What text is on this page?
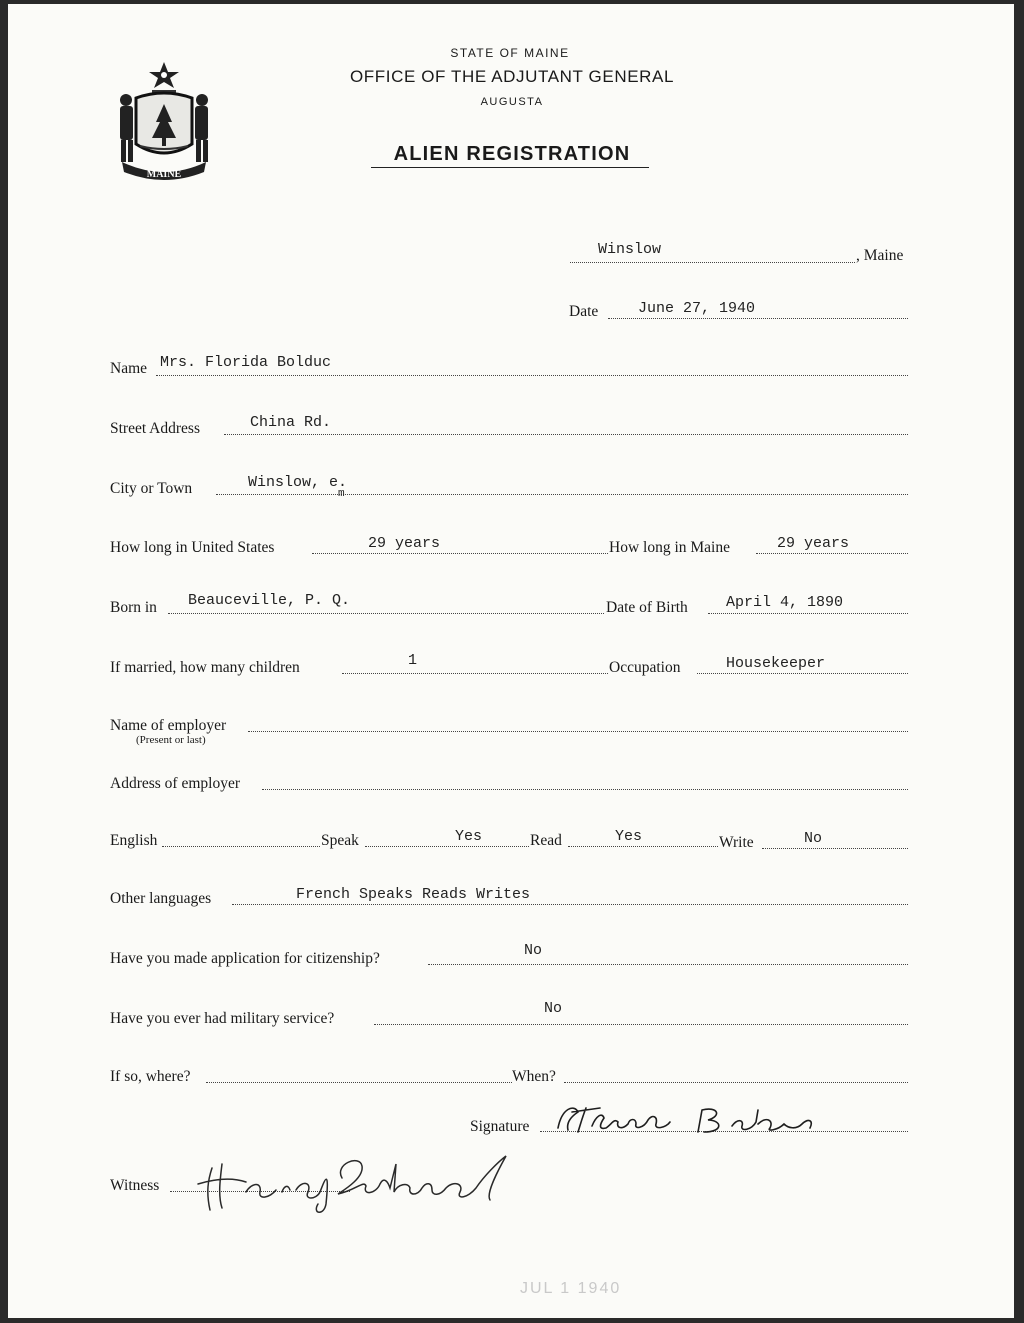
MAINE
STATE OF MAINE
OFFICE OF THE ADJUTANT GENERAL
AUGUSTA
ALIEN REGISTRATION
Winslow	, Maine
Date	June 27, 1940
Name Mrs. Florida Bolduc
Street Address	China Rd.
City or Town	Winslow, e.
m
How long in United States	29 years	How long in Maine	29 years
Born in Beauceville, P. Q.	Date of Birth	April 4, 1890
If married, how many children	1	Occupation	Housekeeper
Name of employer
(Present or last)
Address of employer
English	Speak	Yes	Read	Yes	Write	No
Other languages	French Speaks Reads Writes
Have you made application for citizenship?	No
Have you ever had military service?
No
If so, where?	When?
Signature
Witness
JUL 1 1940
